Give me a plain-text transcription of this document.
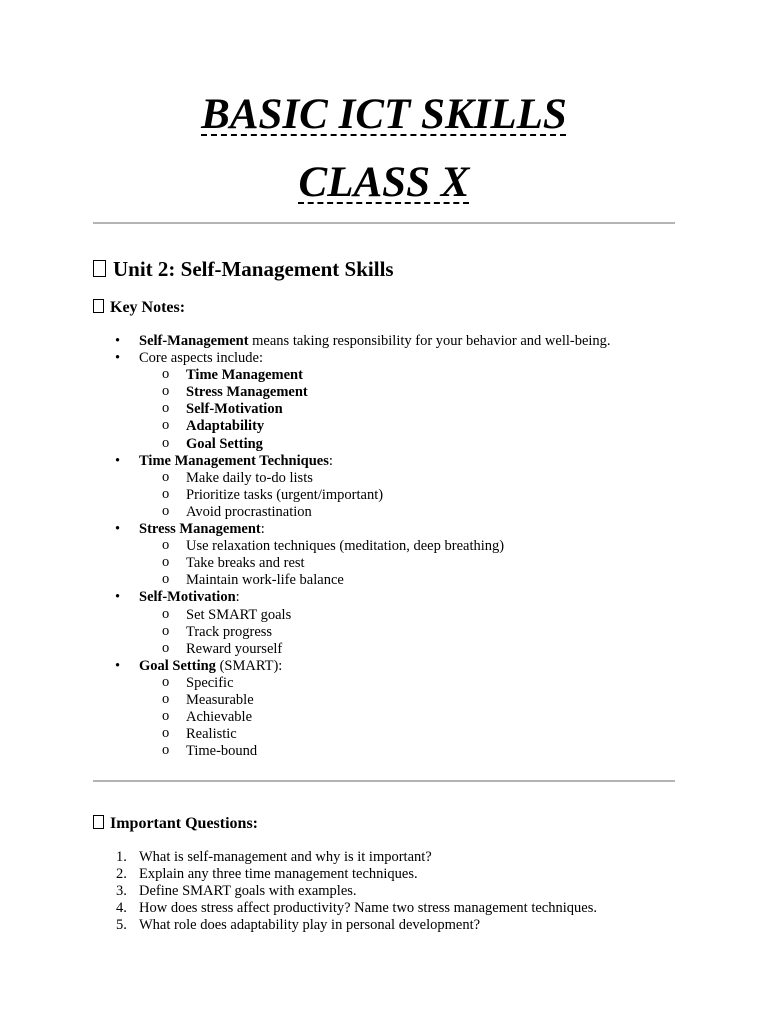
BASIC ICT SKILLS
CLASS X
Unit 2: Self-Management Skills
Key Notes:
• Self-Management means taking responsibility for your behavior and well-being.
• Core aspects include:
o Time Management
o Stress Management
o Self-Motivation
o Adaptability
o Goal Setting
• Time Management Techniques:
o Make daily to-do lists
o Prioritize tasks (urgent/important)
o Avoid procrastination
• Stress Management:
o Use relaxation techniques (meditation, deep breathing)
o Take breaks and rest
o Maintain work-life balance
• Self-Motivation:
o Set SMART goals
o Track progress
o Reward yourself
• Goal Setting (SMART):
o Specific
o Measurable
o Achievable
o Realistic
o Time-bound
Important Questions:
1. What is self-management and why is it important?
2. Explain any three time management techniques.
3. Define SMART goals with examples.
4. How does stress affect productivity? Name two stress management techniques.
5. What role does adaptability play in personal development?
